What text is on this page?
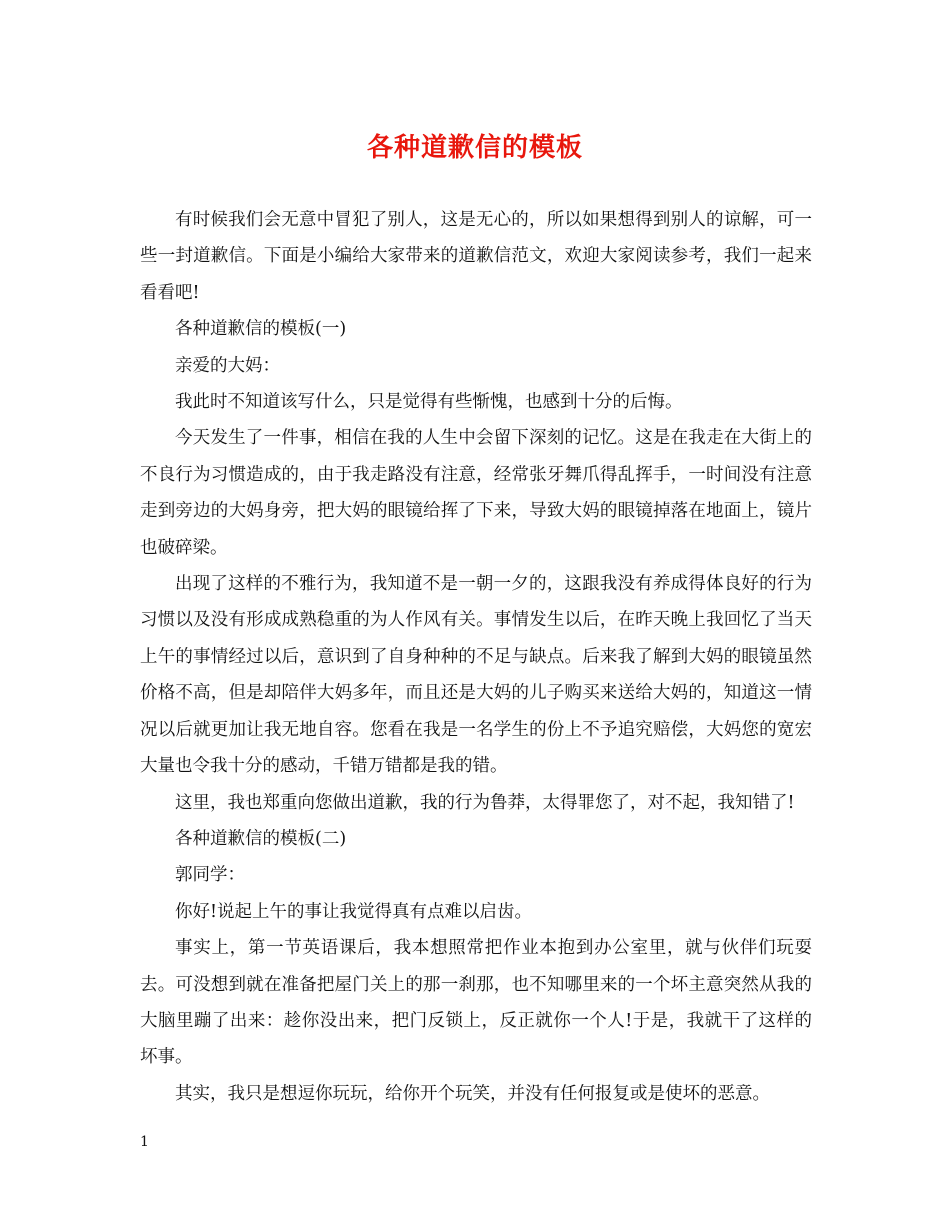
各种道歉信的模板

有时候我们会无意中冒犯了别人，这是无心的，所以如果想得到别人的谅解，可一些一封道歉信。下面是小编给大家带来的道歉信范文，欢迎大家阅读参考，我们一起来看看吧!

各种道歉信的模板(一)

亲爱的大妈：

我此时不知道该写什么，只是觉得有些惭愧，也感到十分的后悔。

今天发生了一件事，相信在我的人生中会留下深刻的记忆。这是在我走在大街上的不良行为习惯造成的，由于我走路没有注意，经常张牙舞爪得乱挥手，一时间没有注意走到旁边的大妈身旁，把大妈的眼镜给挥了下来，导致大妈的眼镜掉落在地面上，镜片也破碎梁。

出现了这样的不雅行为，我知道不是一朝一夕的，这跟我没有养成得体良好的行为习惯以及没有形成成熟稳重的为人作风有关。事情发生以后，在昨天晚上我回忆了当天上午的事情经过以后，意识到了自身种种的不足与缺点。后来我了解到大妈的眼镜虽然价格不高，但是却陪伴大妈多年，而且还是大妈的儿子购买来送给大妈的，知道这一情况以后就更加让我无地自容。您看在我是一名学生的份上不予追究赔偿，大妈您的宽宏大量也令我十分的感动，千错万错都是我的错。

这里，我也郑重向您做出道歉，我的行为鲁莽，太得罪您了，对不起，我知错了!

各种道歉信的模板(二)

郭同学：

你好!说起上午的事让我觉得真有点难以启齿。

事实上，第一节英语课后，我本想照常把作业本抱到办公室里，就与伙伴们玩耍去。可没想到就在准备把屋门关上的那一刹那，也不知哪里来的一个坏主意突然从我的大脑里蹦了出来：趁你没出来，把门反锁上，反正就你一个人!于是，我就干了这样的坏事。

其实，我只是想逗你玩玩，给你开个玩笑，并没有任何报复或是使坏的恶意。

1
